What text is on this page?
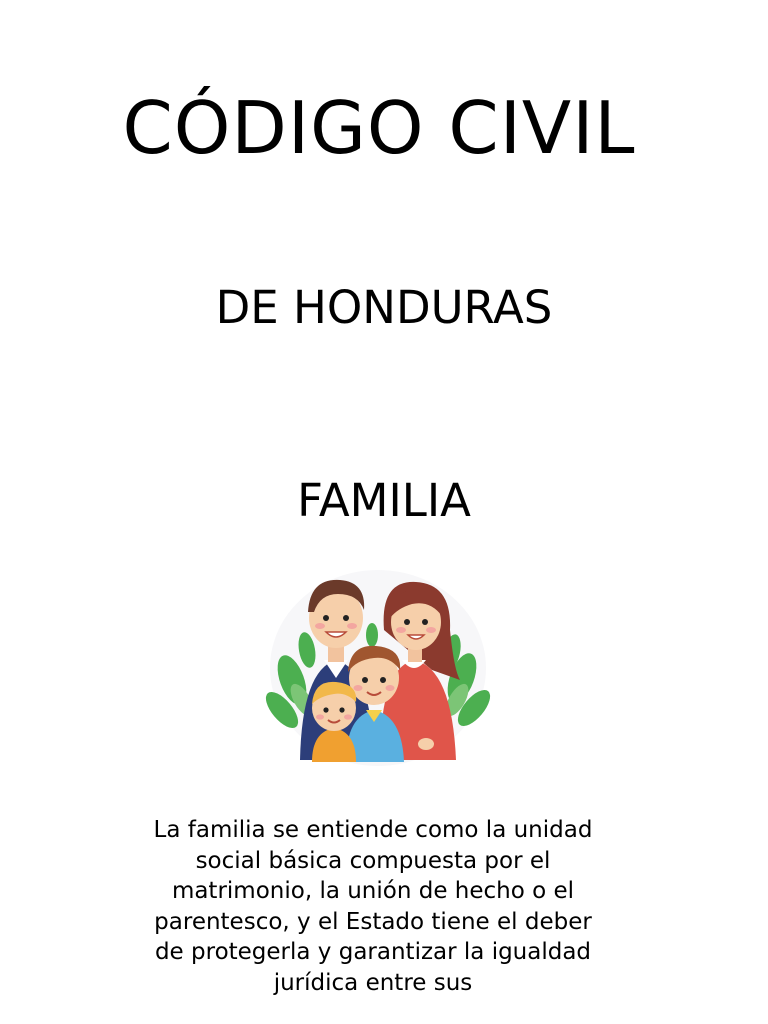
CÓDIGO CIVIL
DE HONDURAS
FAMILIA

La familia se entiende como la unidad social básica compuesta por el matrimonio, la unión de hecho o el parentesco, y el Estado tiene el deber de protegerla y garantizar la igualdad jurídica entre sus
